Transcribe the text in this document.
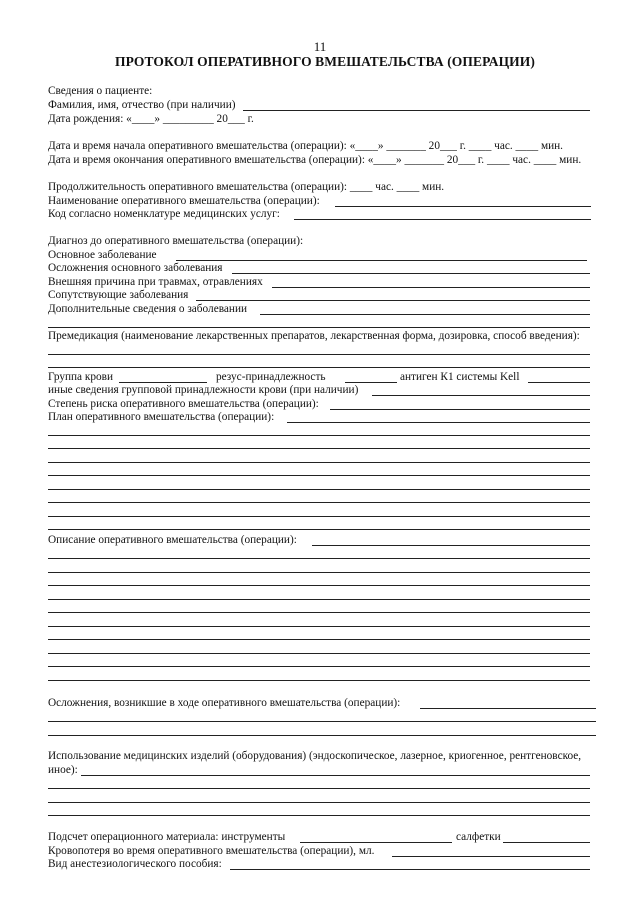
11
ПРОТОКОЛ ОПЕРАТИВНОГО ВМЕШАТЕЛЬСТВА (ОПЕРАЦИИ)
Сведения о пациенте:
Фамилия, имя, отчество (при наличии)
Дата рождения: «____» _________ 20___ г.
Дата и время начала оперативного вмешательства (операции): «____» _______ 20___ г. ____ час. ____ мин.
Дата и время окончания оперативного вмешательства (операции): «____» _______ 20___ г. ____ час. ____ мин.
Продолжительность оперативного вмешательства (операции): ____ час. ____ мин.
Наименование оперативного вмешательства (операции):
Код согласно номенклатуре медицинских услуг:
Диагноз до оперативного вмешательства (операции):
Основное заболевание
Осложнения основного заболевания
Внешняя причина при травмах, отравлениях
Сопутствующие заболевания
Дополнительные сведения о заболевании
Премедикация (наименование лекарственных препаратов, лекарственная форма, дозировка, способ введения):
Группа крови	резус-принадлежность	антиген К1 системы Kell
иные сведения групповой принадлежности крови (при наличии)
Степень риска оперативного вмешательства (операции):
План оперативного вмешательства (операции):
Описание оперативного вмешательства (операции):
Осложнения, возникшие в ходе оперативного вмешательства (операции):
Использование медицинских изделий (оборудования) (эндоскопическое, лазерное, криогенное, рентгеновское,
иное):
Подсчет операционного материала: инструменты	салфетки
Кровопотеря во время оперативного вмешательства (операции), мл.
Вид анестезиологического пособия:
